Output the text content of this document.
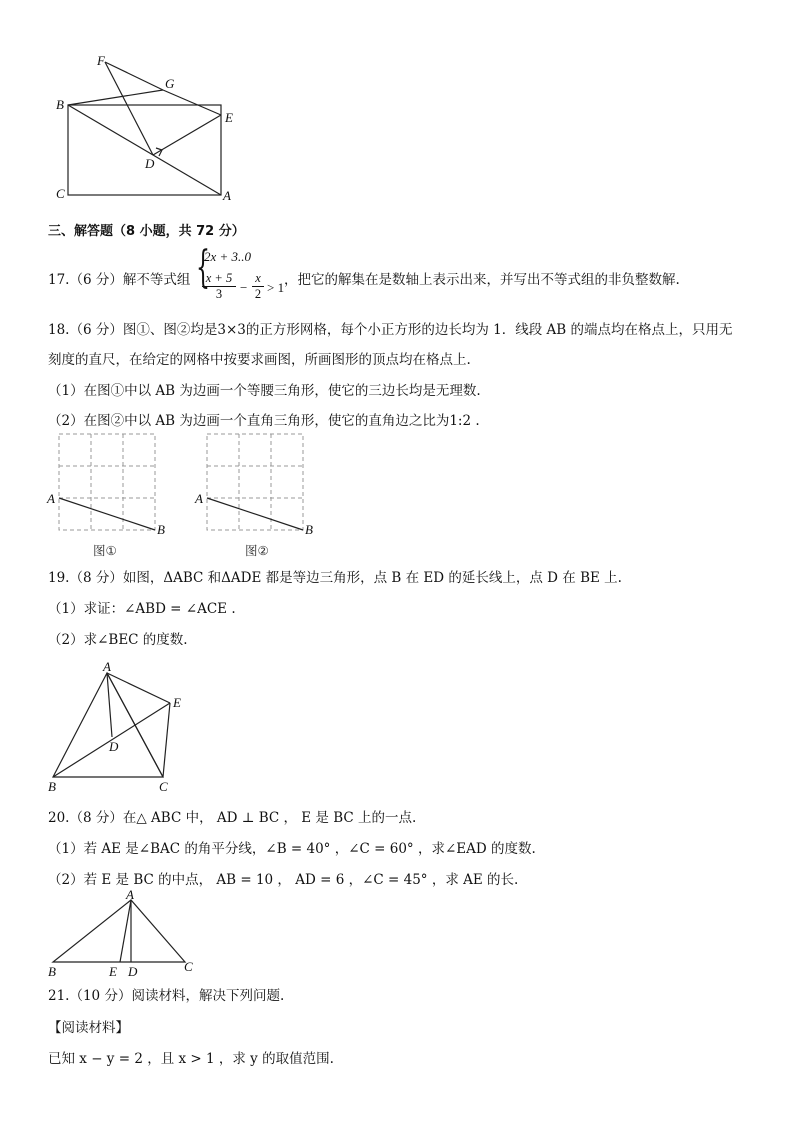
F
G
B
E
D
C	A
三、解答题（8 小题，共 72 分）
17.（6 分）解不等式组 {
2x + 3..0
$\frac{x + 5}{3} - \frac{x}{2} > 1$ ，把它的解集在是数轴上表示出来，并写出不等式组的非负整数解.
18.（6 分）图①、图②均是3×3的正方形网格，每个小正方形的边长均为 1．线段 AB 的端点均在格点上，只用无
刻度的直尺，在给定的网格中按要求画图，所画图形的顶点均在格点上.
（1）在图①中以 AB 为边画一个等腰三角形，使它的三边长均是无理数.
（2）在图②中以 AB 为边画一个直角三角形，使它的直角边之比为1:2 .
A
B
图①
A
B
图②
19.（8 分）如图，ΔABC 和ΔADE 都是等边三角形，点 B 在 ED 的延长线上，点 D 在 BE 上.
（1）求证：∠ABD = ∠ACE .
（2）求∠BEC 的度数.
A
E
D
B	C
20.（8 分）在△ ABC 中， AD ⊥ BC ， E 是 BC 上的一点.
（1）若 AE 是∠BAC 的角平分线，∠B = 40° ，∠C = 60° ，求∠EAD 的度数.
（2）若 E 是 BC 的中点， AB = 10 ， AD = 6 ，∠C = 45° ，求 AE 的长.
A
B	E D	C
21.（10 分）阅读材料，解决下列问题.
【阅读材料】
已知 x − y = 2 ，且 x > 1 ，求 y 的取值范围.
